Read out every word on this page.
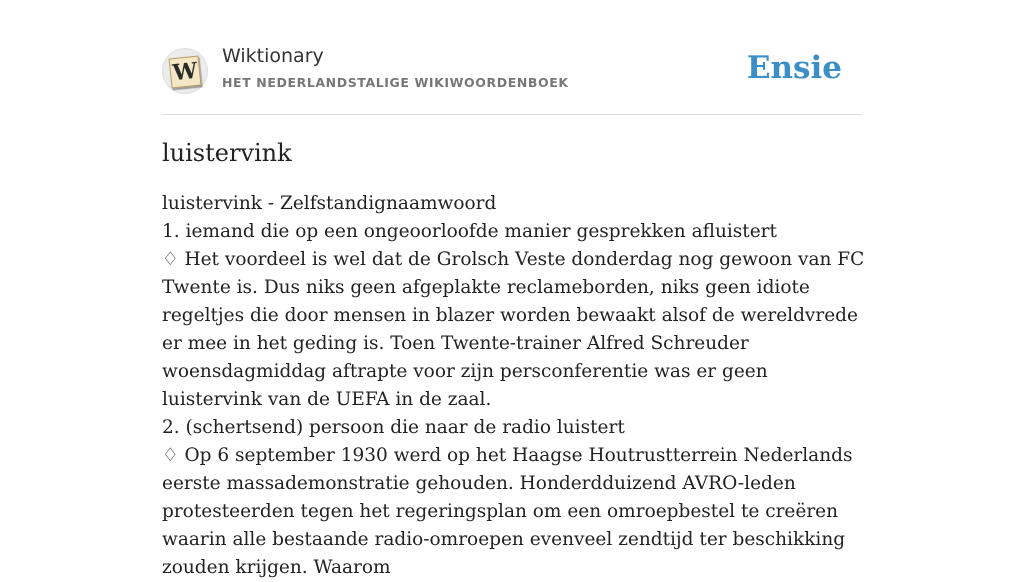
W
Wiktionary
HET NEDERLANDSTALIGE WIKIWOORDENBOEK	Ensie
luistervink

luistervink - Zelfstandignaamwoord

1. iemand die op een ongeoorloofde manier gesprekken afluistert

♢ Het voordeel is wel dat de Grolsch Veste donderdag nog gewoon van FC Twente is. Dus niks geen afgeplakte reclameborden, niks geen idiote regeltjes die door mensen in blazer worden bewaakt alsof de wereldvrede er mee in het geding is. Toen Twente-trainer Alfred Schreuder woensdagmiddag aftrapte voor zijn persconferentie was er geen luistervink van de UEFA in de zaal.

2. (schertsend) persoon die naar de radio luistert

♢ Op 6 september 1930 werd op het Haagse Houtrustterrein Nederlands eerste massademonstratie gehouden. Honderdduizend AVRO-leden protesteerden tegen het regeringsplan om een omroepbestel te creëren waarin alle bestaande radio-omroepen evenveel zendtijd ter beschikking zouden krijgen. Waarom
